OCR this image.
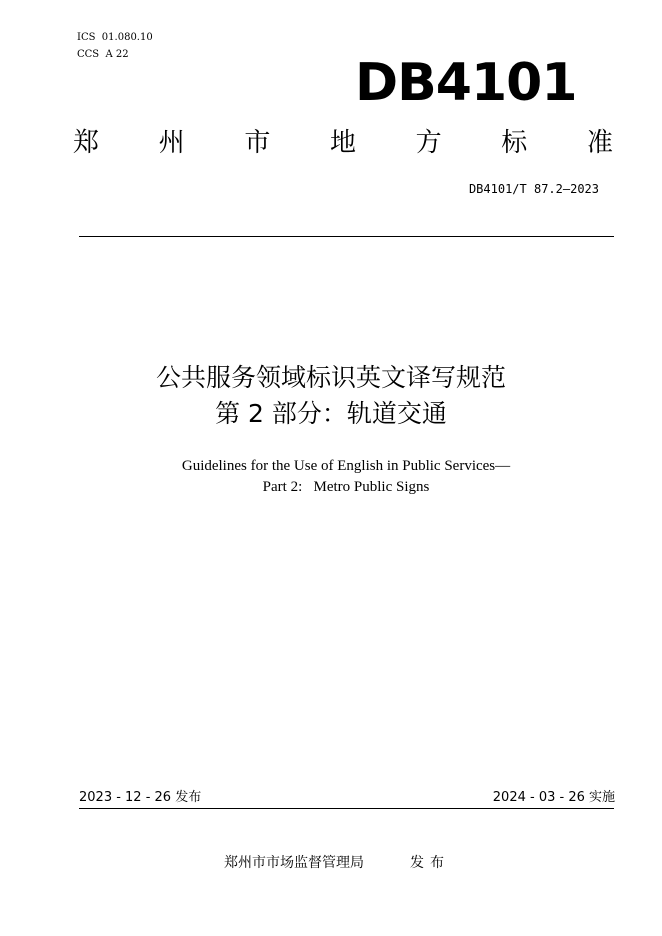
ICS  01.080.10
CCS  A 22	DB4101
郑 州 市 地 方 标 准
DB4101/T 87.2—2023
公共服务领域标识英文译写规范
第 2 部分：轨道交通
Guidelines for the Use of English in Public Services—
Part 2:   Metro Public Signs
2023 - 12 - 26 发布	2024 - 03 - 26 实施
郑州市市场监督管理局	发布
